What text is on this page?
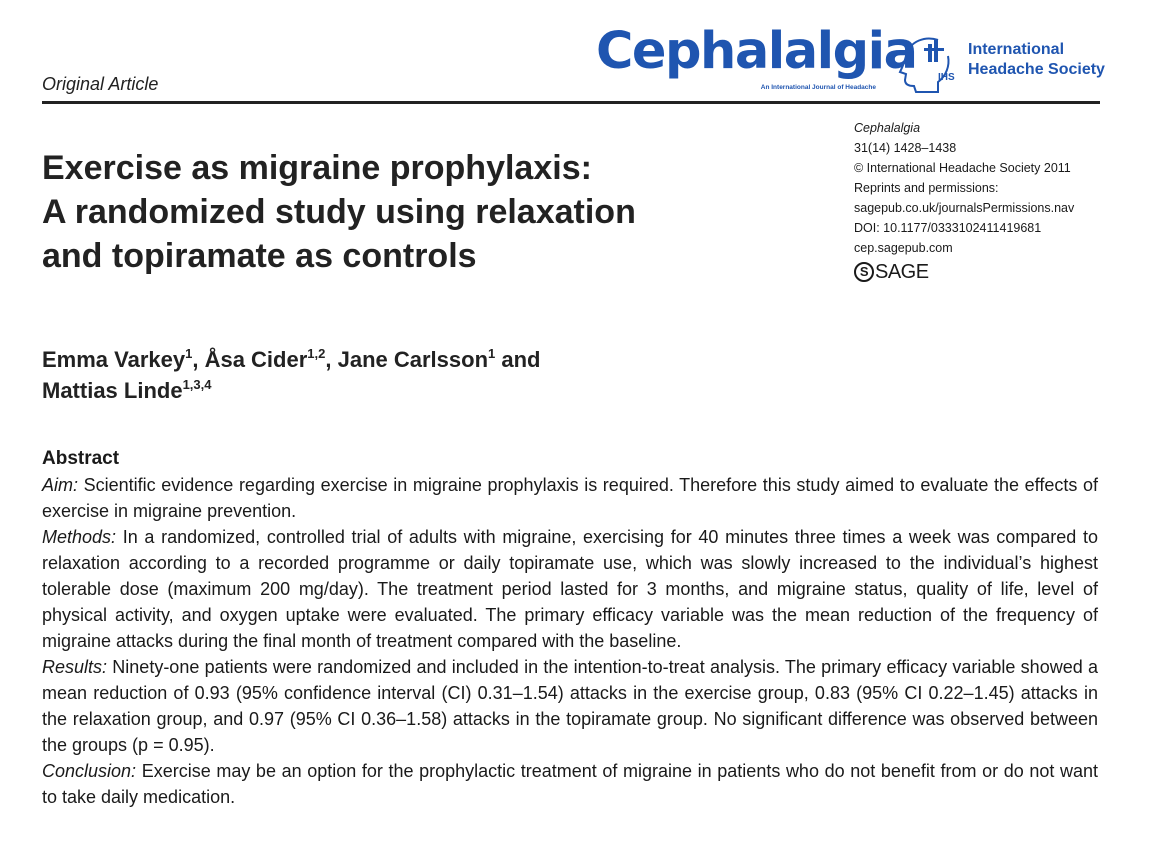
Original Article
Cephalalgia
An International Journal of Headache
IHS
International
Headache Society
Cephalalgia
31(14) 1428–1438
© International Headache Society 2011
Reprints and permissions:
sagepub.co.uk/journalsPermissions.nav
DOI: 10.1177/0333102411419681
cep.sagepub.com
S SAGE
Exercise as migraine prophylaxis:
A randomized study using relaxation
and topiramate as controls
Emma Varkey$^1$, Åsa Cider$^{1,2}$, Jane Carlsson$^1$ and
Mattias Linde$^{1,3,4}$
Abstract

Aim: Scientific evidence regarding exercise in migraine prophylaxis is required. Therefore this study aimed to evaluate the effects of exercise in migraine prevention.

Methods: In a randomized, controlled trial of adults with migraine, exercising for 40 minutes three times a week was compared to relaxation according to a recorded programme or daily topiramate use, which was slowly increased to the individual’s highest tolerable dose (maximum 200 mg/day). The treatment period lasted for 3 months, and migraine status, quality of life, level of physical activity, and oxygen uptake were evaluated. The primary efficacy variable was the mean reduction of the frequency of migraine attacks during the final month of treatment compared with the baseline.

Results: Ninety-one patients were randomized and included in the intention-to-treat analysis. The primary efficacy variable showed a mean reduction of 0.93 (95% confidence interval (CI) 0.31–1.54) attacks in the exercise group, 0.83 (95% CI 0.22–1.45) attacks in the relaxation group, and 0.97 (95% CI 0.36–1.58) attacks in the topiramate group. No significant difference was observed between the groups (p = 0.95).

Conclusion: Exercise may be an option for the prophylactic treatment of migraine in patients who do not benefit from or do not want to take daily medication.
